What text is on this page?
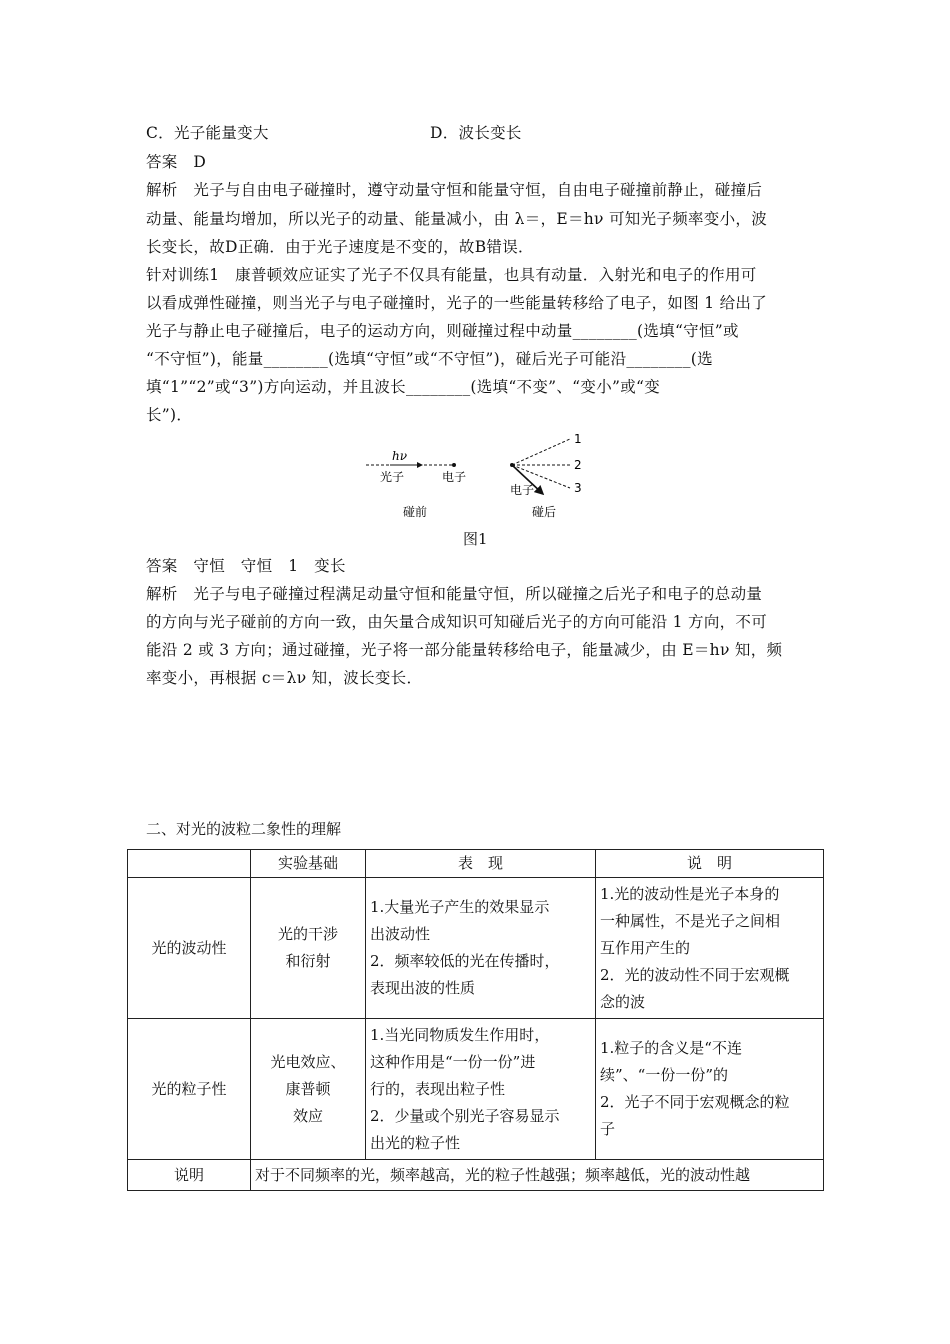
C．光子能量变大	D．波长变长
答案　D
解析　光子与自由电子碰撞时，遵守动量守恒和能量守恒，自由电子碰撞前静止，碰撞后
动量、能量均增加，所以光子的动量、能量减小，由 λ＝，E＝hν 可知光子频率变小，波
长变长，故D正确．由于光子速度是不变的，故B错误．
针对训练1　康普顿效应证实了光子不仅具有能量，也具有动量．入射光和电子的作用可
以看成弹性碰撞，则当光子与电子碰撞时，光子的一些能量转移给了电子，如图 1 给出了
光子与静止电子碰撞后，电子的运动方向，则碰撞过程中动量________(选填“守恒”或
“不守恒”)，能量________(选填“守恒”或“不守恒”)，碰后光子可能沿________(选
填“1”“2”或“3”)方向运动，并且波长________(选填“不变”、“变小”或“变
长”)．
hν
光子	电子
碰前
1
2
3
电子
碰后
图1
答案　守恒　守恒　1　变长
解析　光子与电子碰撞过程满足动量守恒和能量守恒，所以碰撞之后光子和电子的总动量
的方向与光子碰前的方向一致，由矢量合成知识可知碰后光子的方向可能沿 1 方向，不可
能沿 2 或 3 方向；通过碰撞，光子将一部分能量转移给电子，能量减少，由 E＝hν 知，频
率变小，再根据 c＝λν 知，波长变长．
二、对光的波粒二象性的理解
	实验基础	表　现	说　明
光的波动性	光的干涉
和衍射	1.大量光子产生的效果显示
出波动性
2．频率较低的光在传播时，
表现出波的性质	1.光的波动性是光子本身的
一种属性，不是光子之间相
互作用产生的
2．光的波动性不同于宏观概
念的波

光的粒子性	光电效应、
康普顿
效应	1.当光同物质发生作用时，
这种作用是“一份一份”进
行的，表现出粒子性
2．少量或个别光子容易显示
出光的粒子性	1.粒子的含义是“不连
续”、“一份一份”的
2．光子不同于宏观概念的粒
子

说明	对于不同频率的光，频率越高，光的粒子性越强；频率越低，光的波动性越		
